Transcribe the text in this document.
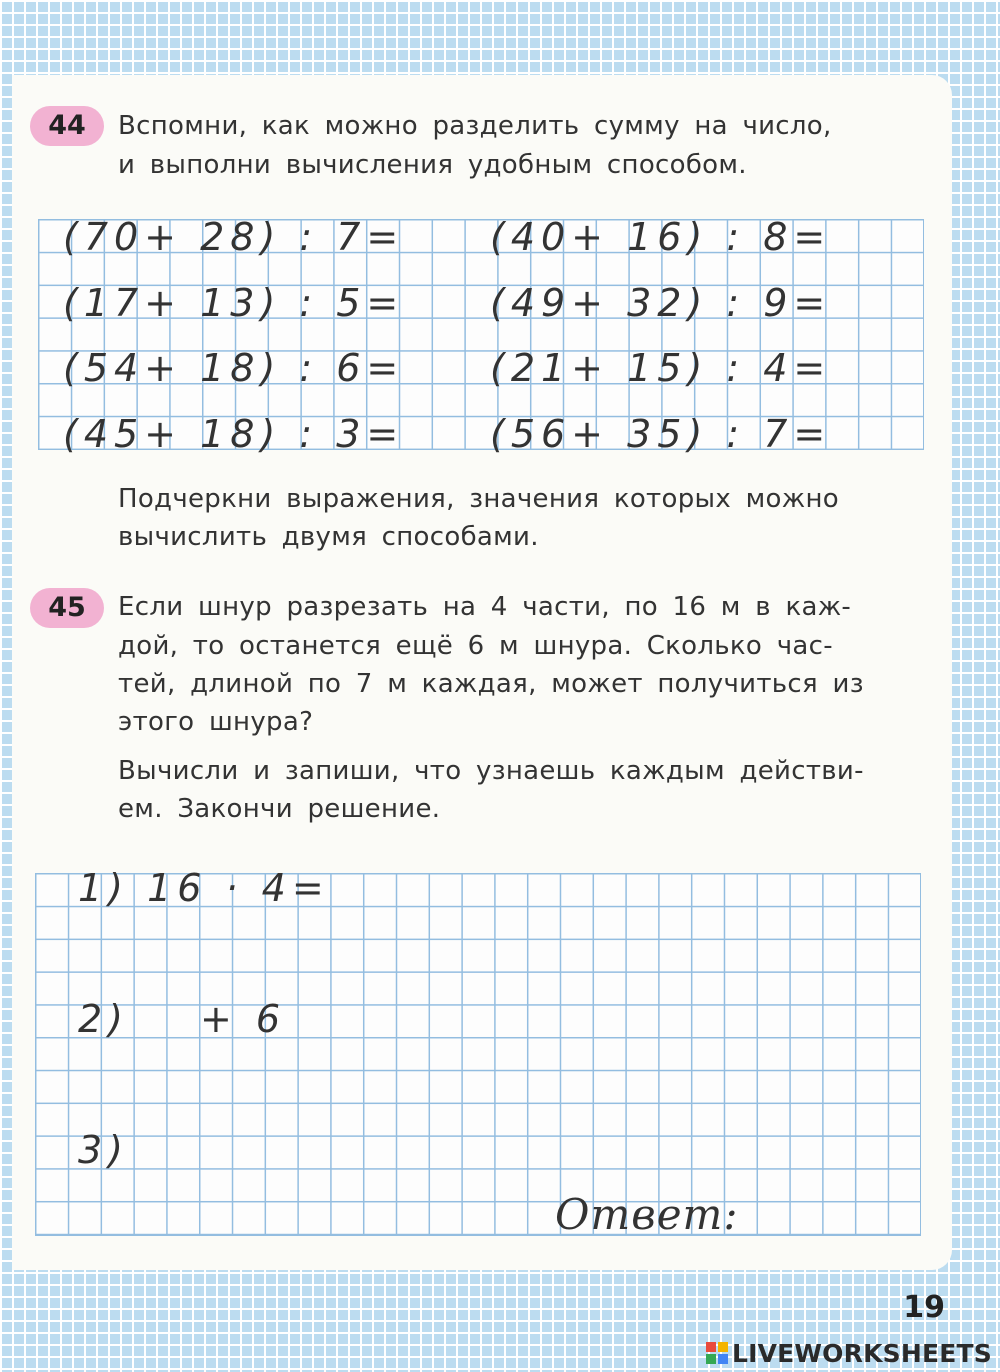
44	Вспомни, как можно разделить сумму на число,

и выполни вычисления удобным способом.

(70+ 28) : 7=
(17+ 13) : 5=
(54+ 18) : 6=
(45+ 18) : 3=
(40+ 16) : 8=
(49+ 32) : 9=
(21+ 15) : 4=
(56+ 35) : 7=

Подчеркни выражения, значения которых можно

вычислить двумя способами.

45	Если шнур разрезать на 4 части, по 16 м в каж-

дой, то останется ещё 6 м шнура. Сколько час-

тей, длиной по 7 м каждая, может получиться из

этого шнура?

Вычисли и запиши, что узнаешь каждым действи-

ем. Закончи решение.

1) 16 · 4=
2) + 6
3)
Ответ:
19
LIVEWORKSHEETS
